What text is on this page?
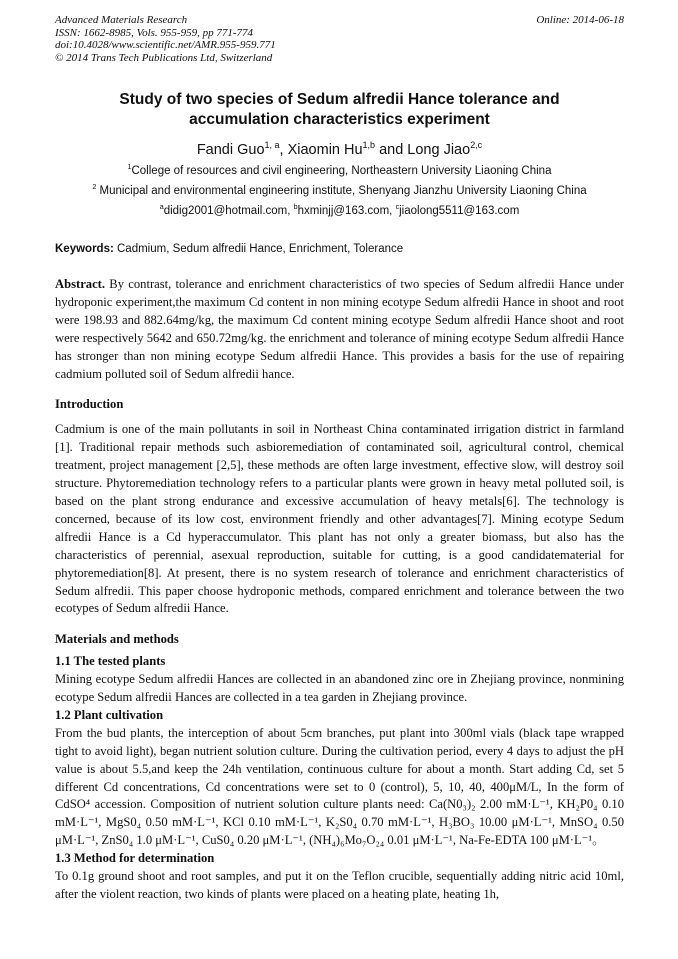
Advanced Materials Research
ISSN: 1662-8985, Vols. 955-959, pp 771-774
doi:10.4028/www.scientific.net/AMR.955-959.771
© 2014 Trans Tech Publications Ltd, Switzerland
Online: 2014-06-18
Study of two species of Sedum alfredii Hance tolerance and accumulation characteristics experiment
Fandi Guo$^{1, a}$, Xiaomin Hu$^{1,b}$ and Long Jiao$^{2,c}$
$^1$College of resources and civil engineering, Northeastern University Liaoning China
$^2$ Municipal and environmental engineering institute, Shenyang Jianzhu University Liaoning China
$^a$didig2001@hotmail.com, $^b$hxminjj@163.com, $^c$jiaolong5511@163.com

Keywords: Cadmium, Sedum alfredii Hance, Enrichment, Tolerance

Abstract. By contrast, tolerance and enrichment characteristics of two species of Sedum alfredii Hance under hydroponic experiment,the maximum Cd content in non mining ecotype Sedum alfredii Hance in shoot and root were 198.93 and 882.64mg/kg, the maximum Cd content mining ecotype Sedum alfredii Hance shoot and root were respectively 5642 and 650.72mg/kg. the enrichment and tolerance of mining ecotype Sedum alfredii Hance has stronger than non mining ecotype Sedum alfredii Hance. This provides a basis for the use of repairing cadmium polluted soil of Sedum alfredii hance.

Introduction

Cadmium is one of the main pollutants in soil in Northeast China contaminated irrigation district in farmland [1]. Traditional repair methods such asbioremediation of contaminated soil, agricultural control, chemical treatment, project management [2,5], these methods are often large investment, effective slow, will destroy soil structure. Phytoremediation technology refers to a particular plants were grown in heavy metal polluted soil, is based on the plant strong endurance and excessive accumulation of heavy metals[6]. The technology is concerned, because of its low cost, environment friendly and other advantages[7]. Mining ecotype Sedum alfredii Hance is a Cd hyperaccumulator. This plant has not only a greater biomass, but also has the characteristics of perennial, asexual reproduction, suitable for cutting, is a good candidatematerial for phytoremediation[8]. At present, there is no system research of tolerance and enrichment characteristics of Sedum alfredii. This paper choose hydroponic methods, compared enrichment and tolerance between the two ecotypes of Sedum alfredii Hance.

Materials and methods
1.1 The tested plants

Mining ecotype Sedum alfredii Hances are collected in an abandoned zinc ore in Zhejiang province, nonmining ecotype Sedum alfredii Hances are collected in a tea garden in Zhejiang province.

1.2 Plant cultivation

From the bud plants, the interception of about 5cm branches, put plant into 300ml vials (black tape wrapped tight to avoid light), began nutrient solution culture. During the cultivation period, every 4 days to adjust the pH value is about 5.5,and keep the 24h ventilation, continuous culture for about a month. Start adding Cd, set 5 different Cd concentrations, Cd concentrations were set to 0 (control), 5, 10, 40, 400μM/L, In the form of CdSO⁴ accession. Composition of nutrient solution culture plants need: Ca(N0₃)₂ 2.00 mM·L⁻¹, KH₂P0₄ 0.10 mM·L⁻¹, MgS0₄ 0.50 mM·L⁻¹, KCl 0.10 mM·L⁻¹, K₂S0₄ 0.70 mM·L⁻¹, H₃BO₃ 10.00 μM·L⁻¹, MnSO₄ 0.50 μM·L⁻¹, ZnS0₄ 1.0 μM·L⁻¹, CuS0₄ 0.20 μM·L⁻¹, (NH₄)₆Mo₇O₂₄ 0.01 μM·L⁻¹, Na-Fe-EDTA 100 μM·L⁻¹。

1.3 Method for determination

To 0.1g ground shoot and root samples, and put it on the Teflon crucible, sequentially adding nitric acid 10ml, after the violent reaction, two kinds of plants were placed on a heating plate, heating 1h,
